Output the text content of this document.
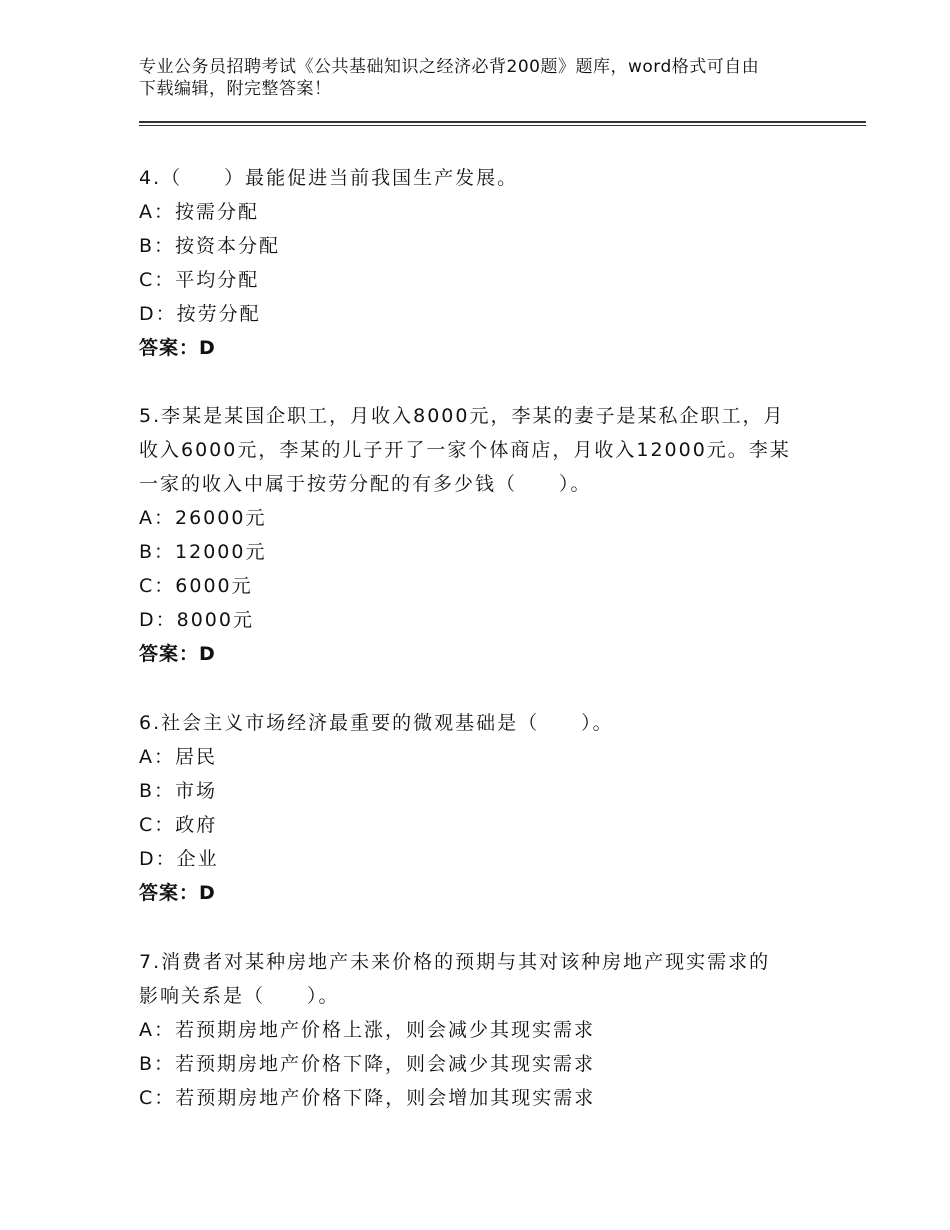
专业公务员招聘考试《公共基础知识之经济必背200题》题库，word格式可自由
下载编辑，附完整答案！
4.（　　）最能促进当前我国生产发展。
A：按需分配
B：按资本分配
C：平均分配
D：按劳分配
答案：D
5.李某是某国企职工，月收入8000元，李某的妻子是某私企职工，月
收入6000元，李某的儿子开了一家个体商店，月收入12000元。李某
一家的收入中属于按劳分配的有多少钱（　　）。
A：26000元
B：12000元
C：6000元
D：8000元
答案：D
6.社会主义市场经济最重要的微观基础是（　　）。
A：居民
B：市场
C：政府
D：企业
答案：D
7.消费者对某种房地产未来价格的预期与其对该种房地产现实需求的
影响关系是（　　）。
A：若预期房地产价格上涨，则会减少其现实需求
B：若预期房地产价格下降，则会减少其现实需求
C：若预期房地产价格下降，则会增加其现实需求
